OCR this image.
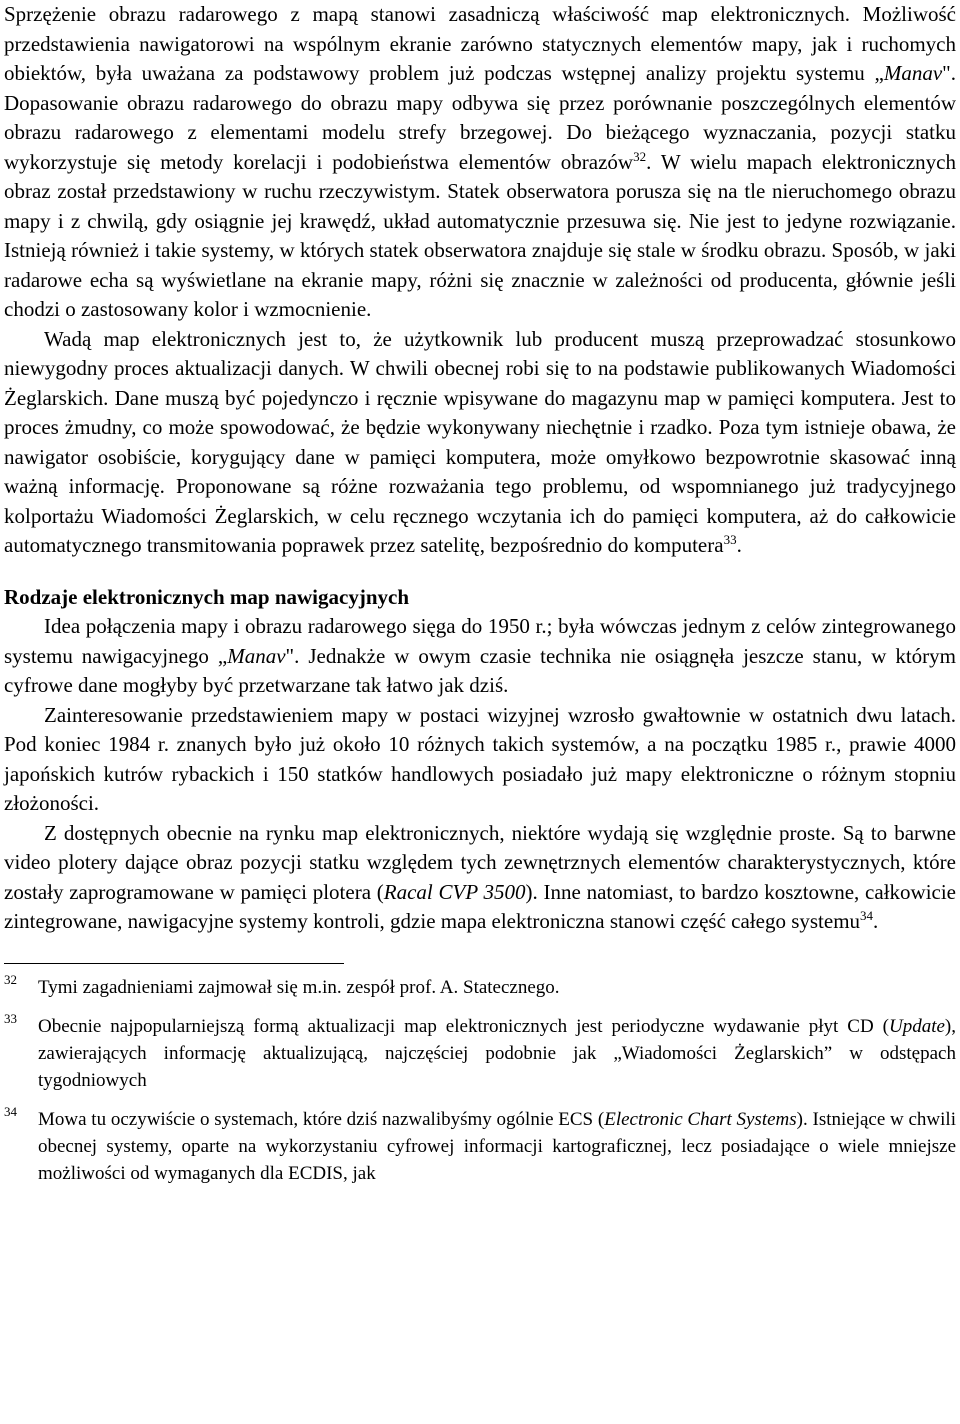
Sprzężenie obrazu radarowego z mapą stanowi zasadniczą właściwość map elektronicznych. Możliwość przedstawienia nawigatorowi na wspólnym ekranie zarówno statycznych elementów mapy, jak i ruchomych obiektów, była uważana za podstawowy problem już podczas wstępnej analizy projektu systemu „Manav". Dopasowanie obrazu radarowego do obrazu mapy odbywa się przez porównanie poszczególnych elementów obrazu radarowego z elementami modelu strefy brzegowej. Do bieżącego wyznaczania, pozycji statku wykorzystuje się metody korelacji i podobieństwa elementów obrazów$^{32}$. W wielu mapach elektronicznych obraz został przedstawiony w ruchu rzeczywistym. Statek obserwatora porusza się na tle nieruchomego obrazu mapy i z chwilą, gdy osiągnie jej krawędź, układ automatycznie przesuwa się. Nie jest to jedyne rozwiązanie. Istnieją również i takie systemy, w których statek obserwatora znajduje się stale w środku obrazu. Sposób, w jaki radarowe echa są wyświetlane na ekranie mapy, różni się znacznie w zależności od producenta, głównie jeśli chodzi o zastosowany kolor i wzmocnienie.

Wadą map elektronicznych jest to, że użytkownik lub producent muszą przeprowadzać stosunkowo niewygodny proces aktualizacji danych. W chwili obecnej robi się to na podstawie publikowanych Wiadomości Żeglarskich. Dane muszą być pojedynczo i ręcznie wpisywane do magazynu map w pamięci komputera. Jest to proces żmudny, co może spowodować, że będzie wykonywany niechętnie i rzadko. Poza tym istnieje obawa, że nawigator osobiście, korygujący dane w pamięci komputera, może omyłkowo bezpowrotnie skasować inną ważną informację. Proponowane są różne rozważania tego problemu, od wspomnianego już tradycyjnego kolportażu Wiadomości Żeglarskich, w celu ręcznego wczytania ich do pamięci komputera, aż do całkowicie automatycznego transmitowania poprawek przez satelitę, bezpośrednio do komputera$^{33}$.

Rodzaje elektronicznych map nawigacyjnych

Idea połączenia mapy i obrazu radarowego sięga do 1950 r.; była wówczas jednym z celów zintegrowanego systemu nawigacyjnego „Manav". Jednakże w owym czasie technika nie osiągnęła jeszcze stanu, w którym cyfrowe dane mogłyby być przetwarzane tak łatwo jak dziś.

Zainteresowanie przedstawieniem mapy w postaci wizyjnej wzrosło gwałtownie w ostatnich dwu latach. Pod koniec 1984 r. znanych było już około 10 różnych takich systemów, a na początku 1985 r., prawie 4000 japońskich kutrów rybackich i 150 statków handlowych posiadało już mapy elektroniczne o różnym stopniu złożoności.

Z dostępnych obecnie na rynku map elektronicznych, niektóre wydają się względnie proste. Są to barwne video plotery dające obraz pozycji statku względem tych zewnętrznych elementów charakterystycznych, które zostały zaprogramowane w pamięci plotera (Racal CVP 3500). Inne natomiast, to bardzo kosztowne, całkowicie zintegrowane, nawigacyjne systemy kontroli, gdzie mapa elektroniczna stanowi część całego systemu$^{34}$.

32 Tymi zagadnieniami zajmował się m.in. zespół prof. A. Statecznego.

33 Obecnie najpopularniejszą formą aktualizacji map elektronicznych jest periodyczne wydawanie płyt CD (Update), zawierających informację aktualizującą, najczęściej podobnie jak „Wiadomości Żeglarskich” w odstępach tygodniowych

34 Mowa tu oczywiście o systemach, które dziś nazwalibyśmy ogólnie ECS (Electronic Chart Systems). Istniejące w chwili obecnej systemy, oparte na wykorzystaniu cyfrowej informacji kartograficznej, lecz posiadające o wiele mniejsze możliwości od wymaganych dla ECDIS, jak
